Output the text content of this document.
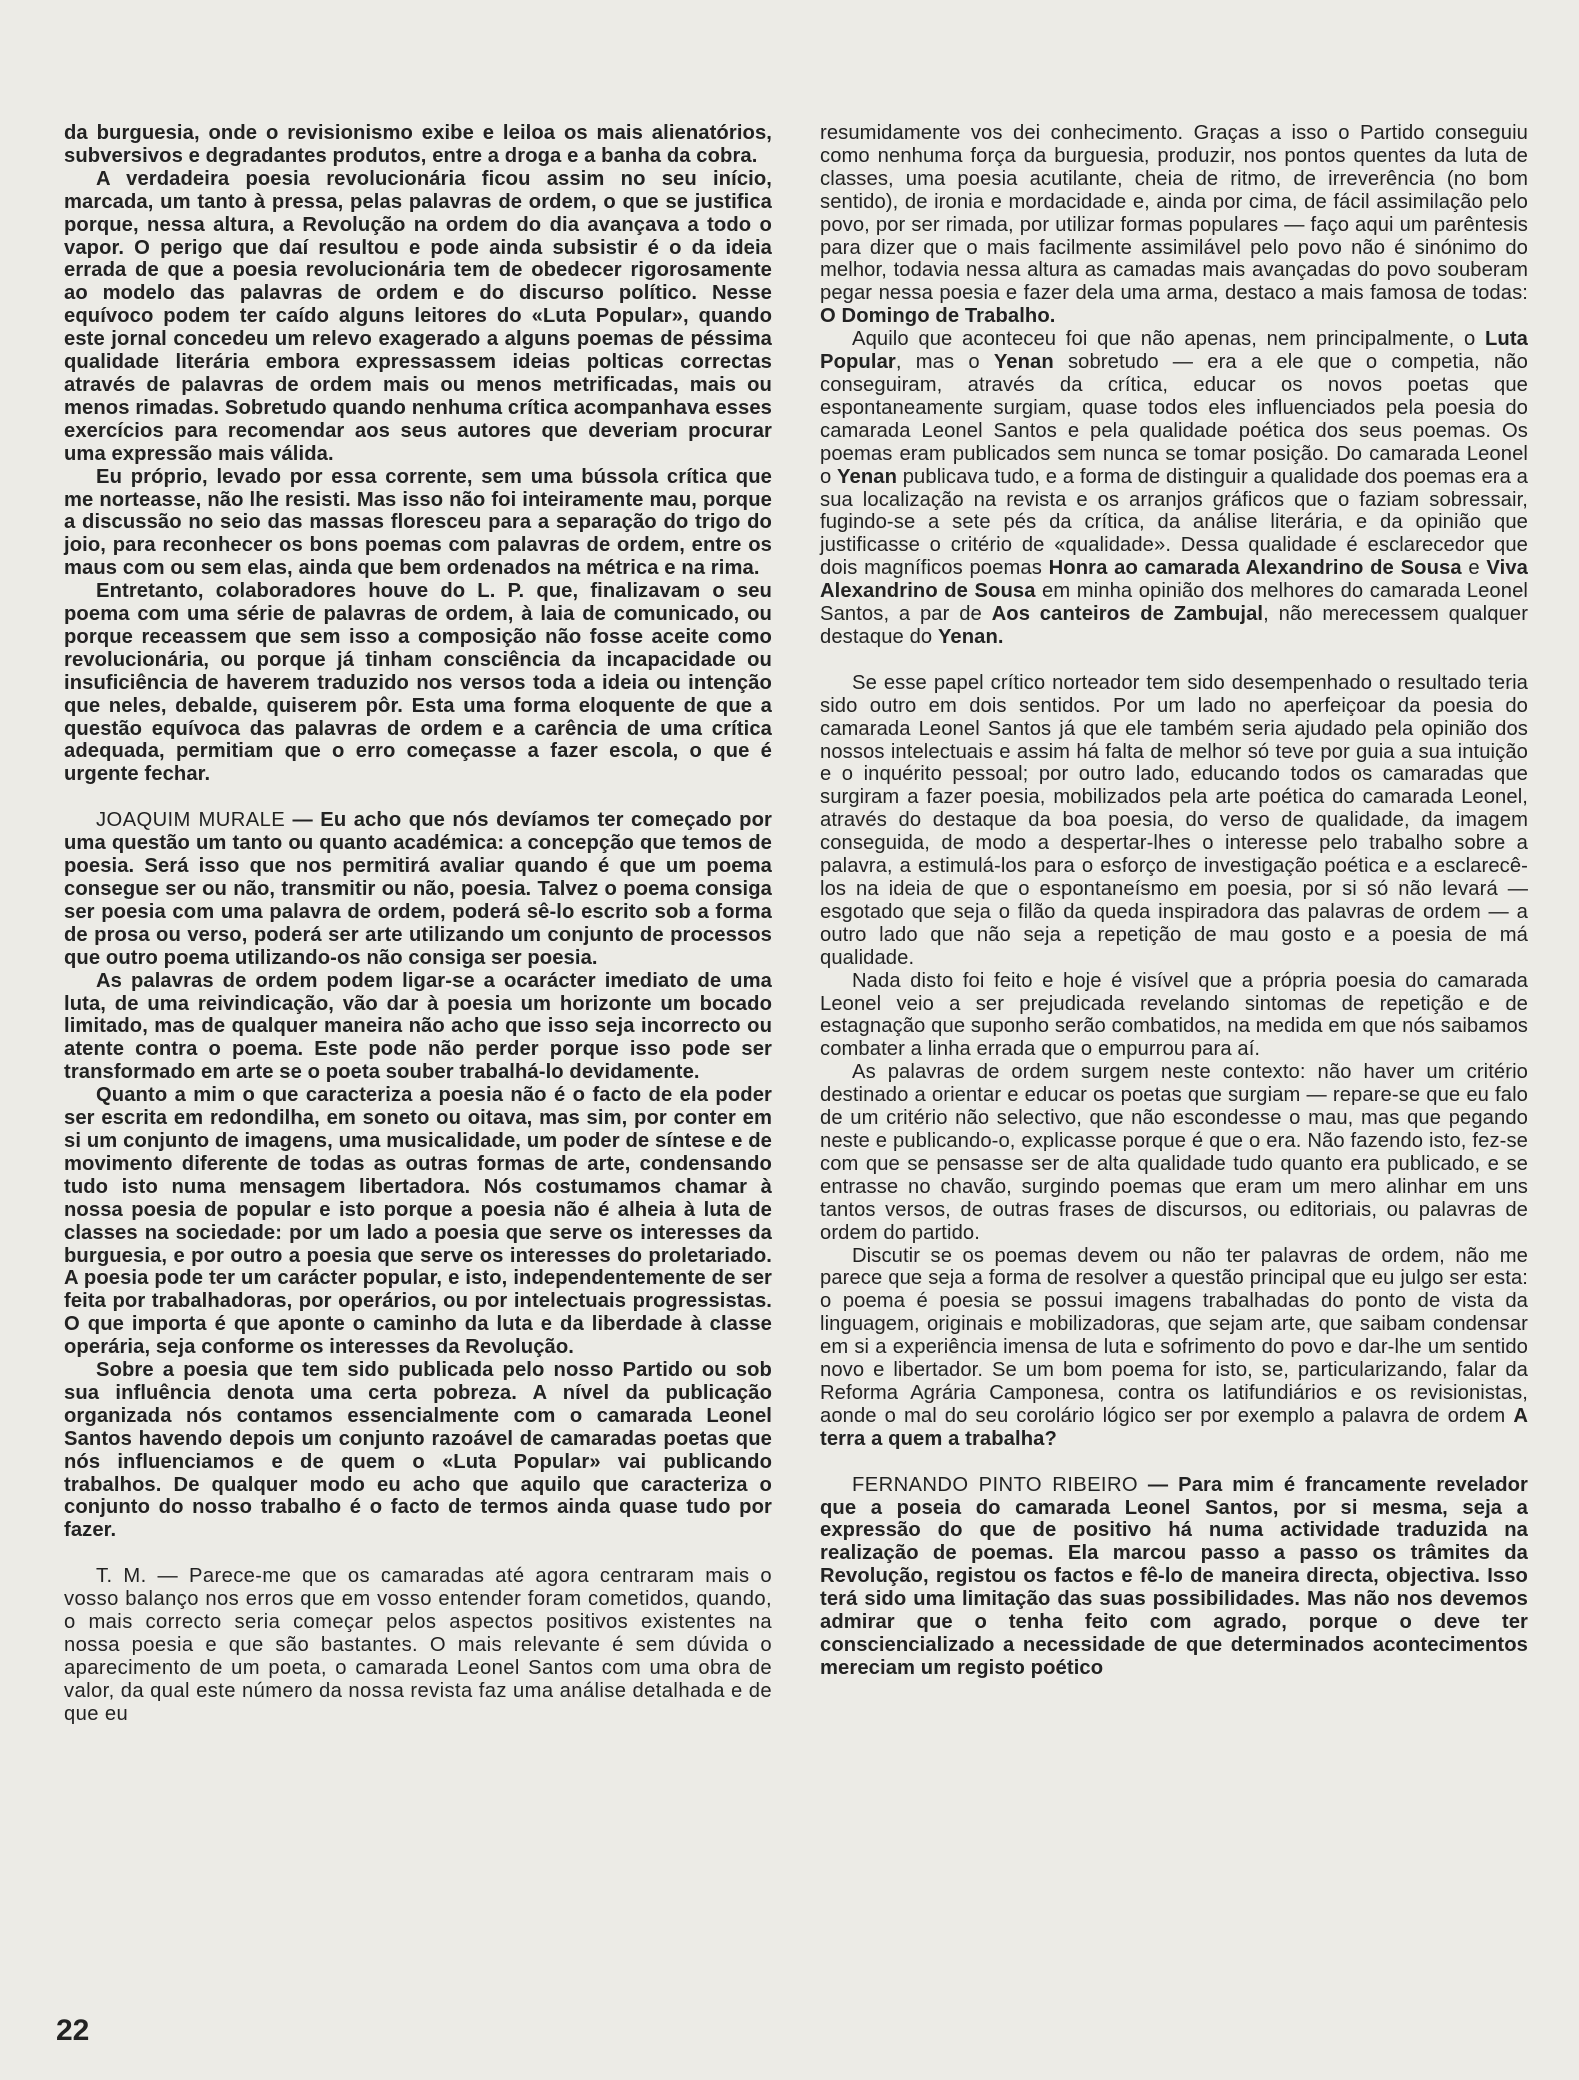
da burguesia, onde o revisionismo exibe e leiloa os mais alienatórios, subversivos e degradantes produtos, entre a droga e a banha da cobra.

A verdadeira poesia revolucionária ficou assim no seu início, marcada, um tanto à pressa, pelas palavras de ordem, o que se justifica porque, nessa altura, a Revolução na ordem do dia avançava a todo o vapor. O perigo que daí resultou e pode ainda subsistir é o da ideia errada de que a poesia revolucionária tem de obedecer rigorosamente ao modelo das palavras de ordem e do discurso político. Nesse equívoco podem ter caído alguns leitores do «Luta Popular», quando este jornal concedeu um relevo exagerado a alguns poemas de péssima qualidade literária embora expressassem ideias polticas correctas através de palavras de ordem mais ou menos metrificadas, mais ou menos rimadas. Sobretudo quando nenhuma crítica acompanhava esses exercícios para recomendar aos seus autores que deveriam procurar uma expressão mais válida.

Eu próprio, levado por essa corrente, sem uma bússola crítica que me norteasse, não lhe resisti. Mas isso não foi inteiramente mau, porque a discussão no seio das massas floresceu para a separação do trigo do joio, para reconhecer os bons poemas com palavras de ordem, entre os maus com ou sem elas, ainda que bem ordenados na métrica e na rima.

Entretanto, colaboradores houve do L. P. que, finalizavam o seu poema com uma série de palavras de ordem, à laia de comunicado, ou porque receassem que sem isso a composição não fosse aceite como revolucionária, ou porque já tinham consciência da incapacidade ou insuficiência de haverem traduzido nos versos toda a ideia ou intenção que neles, debalde, quiserem pôr. Esta uma forma eloquente de que a questão equívoca das palavras de ordem e a carência de uma crítica adequada, permitiam que o erro começasse a fazer escola, o que é urgente fechar.

JOAQUIM MURALE — Eu acho que nós devíamos ter começado por uma questão um tanto ou quanto académica: a concepção que temos de poesia. Será isso que nos permitirá avaliar quando é que um poema consegue ser ou não, transmitir ou não, poesia. Talvez o poema consiga ser poesia com uma palavra de ordem, poderá sê-lo escrito sob a forma de prosa ou verso, poderá ser arte utilizando um conjunto de processos que outro poema utilizando-os não consiga ser poesia.

As palavras de ordem podem ligar-se a ocarácter imediato de uma luta, de uma reivindicação, vão dar à poesia um horizonte um bocado limitado, mas de qualquer maneira não acho que isso seja incorrecto ou atente contra o poema. Este pode não perder porque isso pode ser transformado em arte se o poeta souber trabalhá-lo devidamente.

Quanto a mim o que caracteriza a poesia não é o facto de ela poder ser escrita em redondilha, em soneto ou oitava, mas sim, por conter em si um conjunto de imagens, uma musicalidade, um poder de síntese e de movimento diferente de todas as outras formas de arte, condensando tudo isto numa mensagem libertadora. Nós costumamos chamar à nossa poesia de popular e isto porque a poesia não é alheia à luta de classes na sociedade: por um lado a poesia que serve os interesses da burguesia, e por outro a poesia que serve os interesses do proletariado. A poesia pode ter um carácter popular, e isto, independentemente de ser feita por trabalhadoras, por operários, ou por intelectuais progressistas. O que importa é que aponte o caminho da luta e da liberdade à classe operária, seja conforme os interesses da Revolução.

Sobre a poesia que tem sido publicada pelo nosso Partido ou sob sua influência denota uma certa pobreza. A nível da publicação organizada nós contamos essencialmente com o camarada Leonel Santos havendo depois um conjunto razoável de camaradas poetas que nós influenciamos e de quem o «Luta Popular» vai publicando trabalhos. De qualquer modo eu acho que aquilo que caracteriza o conjunto do nosso trabalho é o facto de termos ainda quase tudo por fazer.

T. M. — Parece-me que os camaradas até agora centraram mais o vosso balanço nos erros que em vosso entender foram cometidos, quando, o mais correcto seria começar pelos aspectos positivos existentes na nossa poesia e que são bastantes. O mais relevante é sem dúvida o aparecimento de um poeta, o camarada Leonel Santos com uma obra de valor, da qual este número da nossa revista faz uma análise detalhada e de que eu

resumidamente vos dei conhecimento. Graças a isso o Partido conseguiu como nenhuma força da burguesia, produzir, nos pontos quentes da luta de classes, uma poesia acutilante, cheia de ritmo, de irreverência (no bom sentido), de ironia e mordacidade e, ainda por cima, de fácil assimilação pelo povo, por ser rimada, por utilizar formas populares — faço aqui um parêntesis para dizer que o mais facilmente assimilável pelo povo não é sinónimo do melhor, todavia nessa altura as camadas mais avançadas do povo souberam pegar nessa poesia e fazer dela uma arma, destaco a mais famosa de todas: O Domingo de Trabalho.

Aquilo que aconteceu foi que não apenas, nem principalmente, o Luta Popular, mas o Yenan sobretudo — era a ele que o competia, não conseguiram, através da crítica, educar os novos poetas que espontaneamente surgiam, quase todos eles influenciados pela poesia do camarada Leonel Santos e pela qualidade poética dos seus poemas. Os poemas eram publicados sem nunca se tomar posição. Do camarada Leonel o Yenan publicava tudo, e a forma de distinguir a qualidade dos poemas era a sua localização na revista e os arranjos gráficos que o faziam sobressair, fugindo-se a sete pés da crítica, da análise literária, e da opinião que justificasse o critério de «qualidade». Dessa qualidade é esclarecedor que dois magníficos poemas Honra ao camarada Alexandrino de Sousa e Viva Alexandrino de Sousa em minha opinião dos melhores do camarada Leonel Santos, a par de Aos canteiros de Zambujal, não merecessem qualquer destaque do Yenan.

Se esse papel crítico norteador tem sido desempenhado o resultado teria sido outro em dois sentidos. Por um lado no aperfeiçoar da poesia do camarada Leonel Santos já que ele também seria ajudado pela opinião dos nossos intelectuais e assim há falta de melhor só teve por guia a sua intuição e o inquérito pessoal; por outro lado, educando todos os camaradas que surgiram a fazer poesia, mobilizados pela arte poética do camarada Leonel, através do destaque da boa poesia, do verso de qualidade, da imagem conseguida, de modo a despertar-lhes o interesse pelo trabalho sobre a palavra, a estimulá-los para o esforço de investigação poética e a esclarecê-los na ideia de que o espontaneísmo em poesia, por si só não levará — esgotado que seja o filão da queda inspiradora das palavras de ordem — a outro lado que não seja a repetição de mau gosto e a poesia de má qualidade.

Nada disto foi feito e hoje é visível que a própria poesia do camarada Leonel veio a ser prejudicada revelando sintomas de repetição e de estagnação que suponho serão combatidos, na medida em que nós saibamos combater a linha errada que o empurrou para aí.

As palavras de ordem surgem neste contexto: não haver um critério destinado a orientar e educar os poetas que surgiam — repare-se que eu falo de um critério não selectivo, que não escondesse o mau, mas que pegando neste e publicando-o, explicasse porque é que o era. Não fazendo isto, fez-se com que se pensasse ser de alta qualidade tudo quanto era publicado, e se entrasse no chavão, surgindo poemas que eram um mero alinhar em uns tantos versos, de outras frases de discursos, ou editoriais, ou palavras de ordem do partido.

Discutir se os poemas devem ou não ter palavras de ordem, não me parece que seja a forma de resolver a questão principal que eu julgo ser esta: o poema é poesia se possui imagens trabalhadas do ponto de vista da linguagem, originais e mobilizadoras, que sejam arte, que saibam condensar em si a experiência imensa de luta e sofrimento do povo e dar-lhe um sentido novo e libertador. Se um bom poema for isto, se, particularizando, falar da Reforma Agrária Camponesa, contra os latifundiários e os revisionistas, aonde o mal do seu corolário lógico ser por exemplo a palavra de ordem A terra a quem a trabalha?

FERNANDO PINTO RIBEIRO — Para mim é francamente revelador que a poseia do camarada Leonel Santos, por si mesma, seja a expressão do que de positivo há numa actividade traduzida na realização de poemas. Ela marcou passo a passo os trâmites da Revolução, registou os factos e fê-lo de maneira directa, objectiva. Isso terá sido uma limitação das suas possibilidades. Mas não nos devemos admirar que o tenha feito com agrado, porque o deve ter consciencializado a necessidade de que determinados acontecimentos mereciam um registo poético

22
